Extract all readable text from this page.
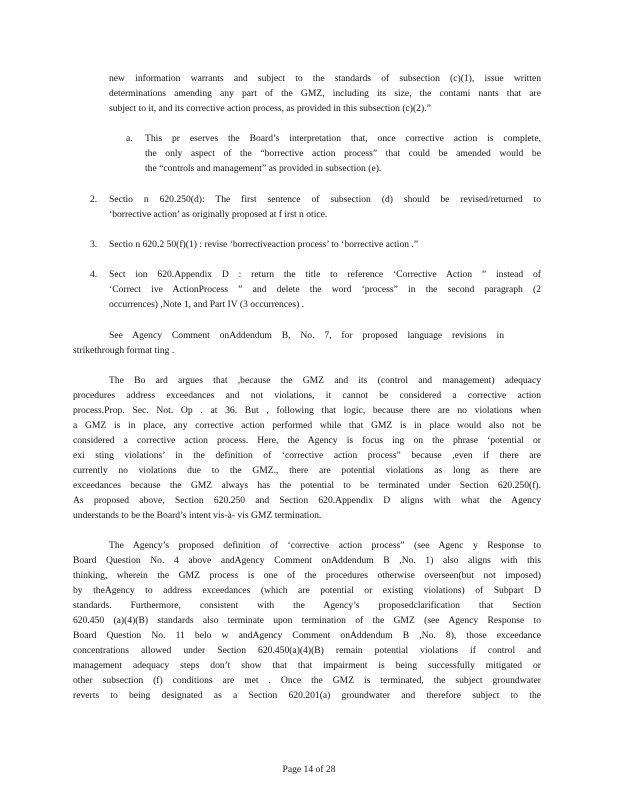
new information warrants and subject to the standards of subsection (c)(1), issue written
determinations amending any part of the GMZ, including its size, the contami nants that are
subject to it, and its corrective action process, as provided in this subsection (c)(2).”
a. This pr eserves the Board’s interpretation that, once corrective action is complete,
the only aspect of the “borrective action process” that could be amended would be
the “controls and management” as provided in subsection (e).
2. Sectio n 620.250(d): The first sentence of subsection (d) should be revised/returned to
‘borrective action’ as originally proposed at f irst n otice.
3. Sectio n 620.2 50(f)(1) : revise ‘borrectiveaction process’ to ‘borrective action .”
4. Sect ion 620.Appendix D : return the title to reference ‘Corrective Action ” instead of
‘Correct ive ActionProcess ” and delete the word ‘process” in the second paragraph (2
occurrences) ,Note 1, and Part IV (3 occurrences) .
See Agency Comment onAddendum B, No. 7, for proposed language revisions in
strikethrough format ting .
The Bo ard argues that ,because the GMZ and its (control and management) adequacy
procedures address exceedances and not violations, it cannot be considered a corrective action
process.Prop. Sec. Not. Op . at 36. But , following that logic, because there are no violations when
a GMZ is in place, any corrective action performed while that GMZ is in place would also not be
considered a corrective action process. Here, the Agency is focus ing on the phrase ‘potential or
exi sting violations’ in the definition of ‘corrective action process” because ,even if there are
currently no violations due to the GMZ., there are potential violations as long as there are
exceedances because the GMZ always has the potential to be terminated under Section 620.250(f).
As proposed above, Section 620.250 and Section 620.Appendix D aligns with what the Agency
understands to be the Board’s intent vis-à- vis GMZ termination.
The Agency’s proposed definition of ‘corrective action process” (see Agenc y Response to
Board Question No. 4 above andAgency Comment onAddendum B ,No. 1) also aligns with this
thinking, wherein the GMZ process is one of the procedures otherwise overseen(but not imposed)
by theAgency to address exceedances (which are potential or existing violations) of Subpart D
standards. Furthermore, consistent with the Agency’s proposedclarification that Section
620.450 (a)(4)(B) standards also terminate upon termination of the GMZ (see Agency Response to
Board Question No. 11 belo w andAgency Comment onAddendum B ,No. 8), those exceedance
concentrations allowed under Section 620.450(a)(4)(B) remain potential violations if control and
management adequacy steps don’t show that that impairment is being successfully mitigated or
other subsection (f) conditions are met . Once the GMZ is terminated, the subject groundwater
reverts to being designated as a Section 620.201(a) groundwater and therefore subject to the
Page 14 of 28
